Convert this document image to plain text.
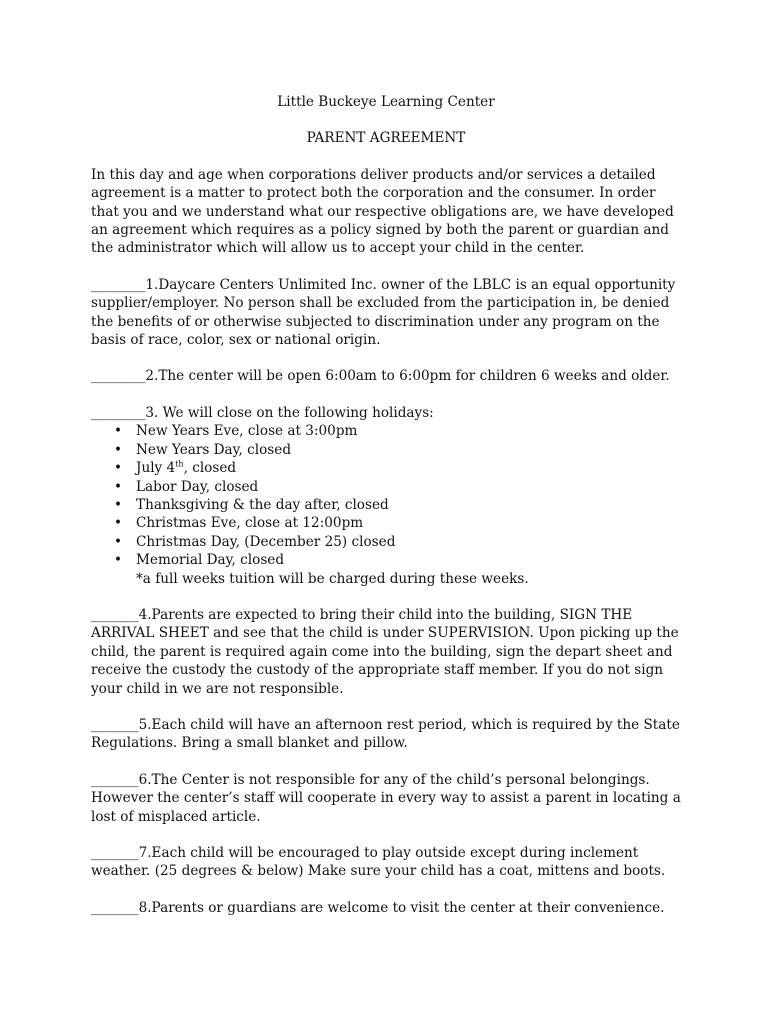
Little Buckeye Learning Center

PARENT AGREEMENT

In this day and age when corporations deliver products and/or services a detailed agreement is a matter to protect both the corporation and the consumer. In order that you and we understand what our respective obligations are, we have developed an agreement which requires as a policy signed by both the parent or guardian and the administrator which will allow us to accept your child in the center.

________1.Daycare Centers Unlimited Inc. owner of the LBLC is an equal opportunity supplier/employer. No person shall be excluded from the participation in, be denied the benefits of or otherwise subjected to discrimination under any program on the basis of race, color, sex or national origin.

________2.The center will be open 6:00am to 6:00pm for children 6 weeks and older.

________3. We will close on the following holidays:
• New Years Eve, close at 3:00pm
• New Years Day, closed
• July 4th, closed
• Labor Day, closed
• Thanksgiving & the day after, closed
• Christmas Eve, close at 12:00pm
• Christmas Day, (December 25) closed
• Memorial Day, closed

*a full weeks tuition will be charged during these weeks.

_______4.Parents are expected to bring their child into the building, SIGN THE ARRIVAL SHEET and see that the child is under SUPERVISION. Upon picking up the child, the parent is required again come into the building, sign the depart sheet and receive the custody the custody of the appropriate staff member. If you do not sign your child in we are not responsible.

_______5.Each child will have an afternoon rest period, which is required by the State Regulations. Bring a small blanket and pillow.

_______6.The Center is not responsible for any of the child’s personal belongings. However the center’s staff will cooperate in every way to assist a parent in locating a lost of misplaced article.

_______7.Each child will be encouraged to play outside except during inclement weather. (25 degrees & below) Make sure your child has a coat, mittens and boots.

_______8.Parents or guardians are welcome to visit the center at their convenience.
